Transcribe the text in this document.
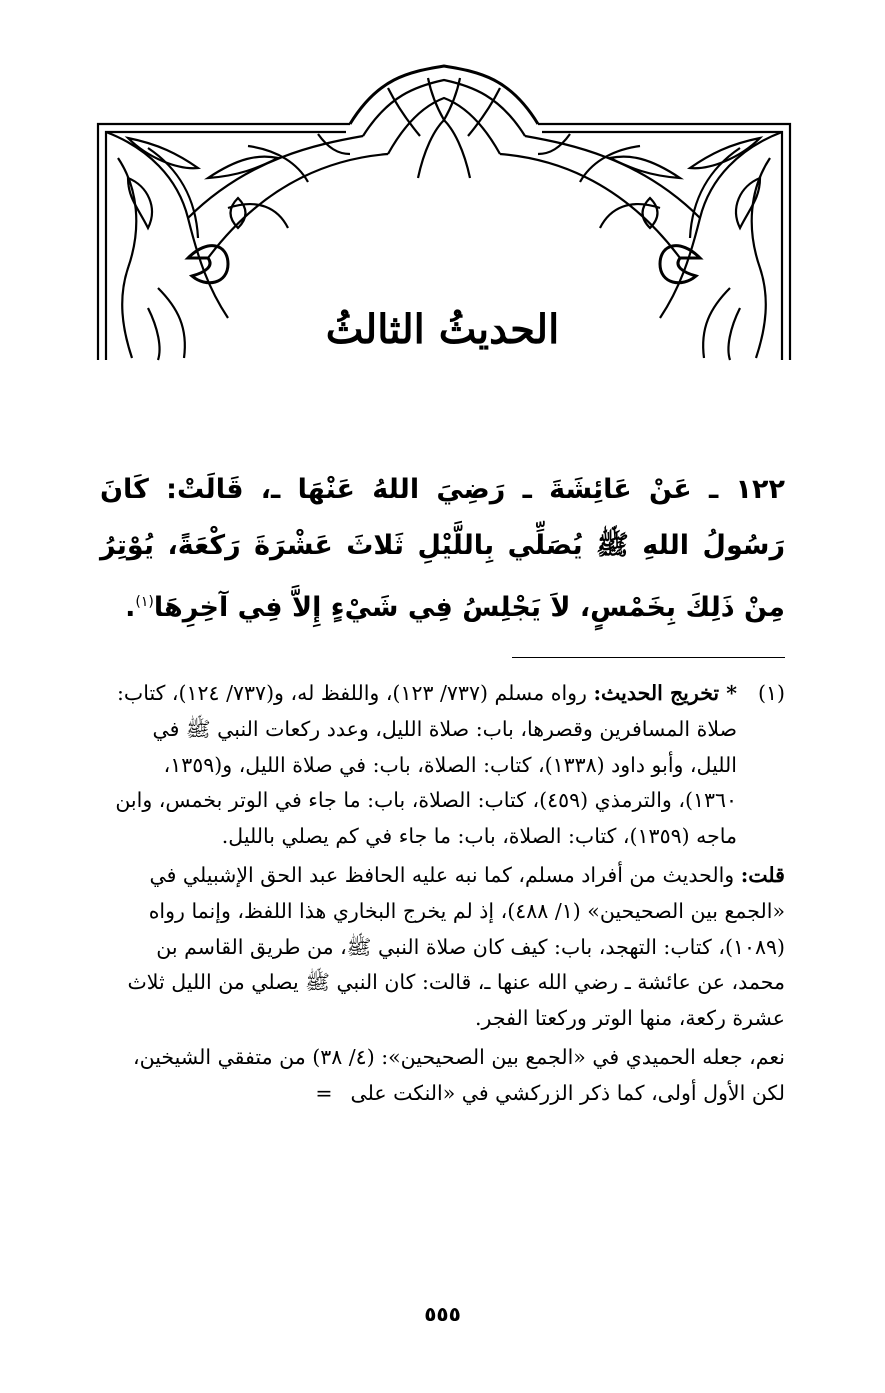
الحديثُ الثالثُ
١٢٢ ـ عَنْ عَائِشَةَ ـ رَضِيَ اللهُ عَنْهَا ـ، قَالَتْ: كَانَ رَسُولُ اللهِ ﷺ يُصَلِّي بِاللَّيْلِ ثَلاثَ عَشْرَةَ رَكْعَةً، يُوْتِرُ مِنْ ذَلِكَ بِخَمْسٍ، لاَ يَجْلِسُ فِي شَيْءٍ إِلاَّ فِي آخِرِهَا$^{(١)}$.
(١)

* تخريج الحديث: رواه مسلم (٧٣٧/ ١٢٣)، واللفظ له، و(٧٣٧/ ١٢٤)، كتاب: صلاة المسافرين وقصرها، باب: صلاة الليل، وعدد ركعات النبي ﷺ في الليل، وأبو داود (١٣٣٨)، كتاب: الصلاة، باب: في صلاة الليل، و(١٣٥٩، ١٣٦٠)، والترمذي (٤٥٩)، كتاب: الصلاة، باب: ما جاء في الوتر بخمس، وابن ماجه (١٣٥٩)، كتاب: الصلاة، باب: ما جاء في كم يصلي بالليل.

قلت: والحديث من أفراد مسلم، كما نبه عليه الحافظ عبد الحق الإشبيلي في «الجمع بين الصحيحين» (١/ ٤٨٨)، إذ لم يخرج البخاري هذا اللفظ، وإنما رواه (١٠٨٩)، كتاب: التهجد، باب: كيف كان صلاة النبي ﷺ، من طريق القاسم بن محمد، عن عائشة ـ رضي الله عنها ـ، قالت: كان النبي ﷺ يصلي من الليل ثلاث عشرة ركعة، منها الوتر وركعتا الفجر.

نعم، جعله الحميدي في «الجمع بين الصحيحين»: (٤/ ٣٨) من متفقي الشيخين، لكن الأول أولى، كما ذكر الزركشي في «النكت على=

٥٥٥
